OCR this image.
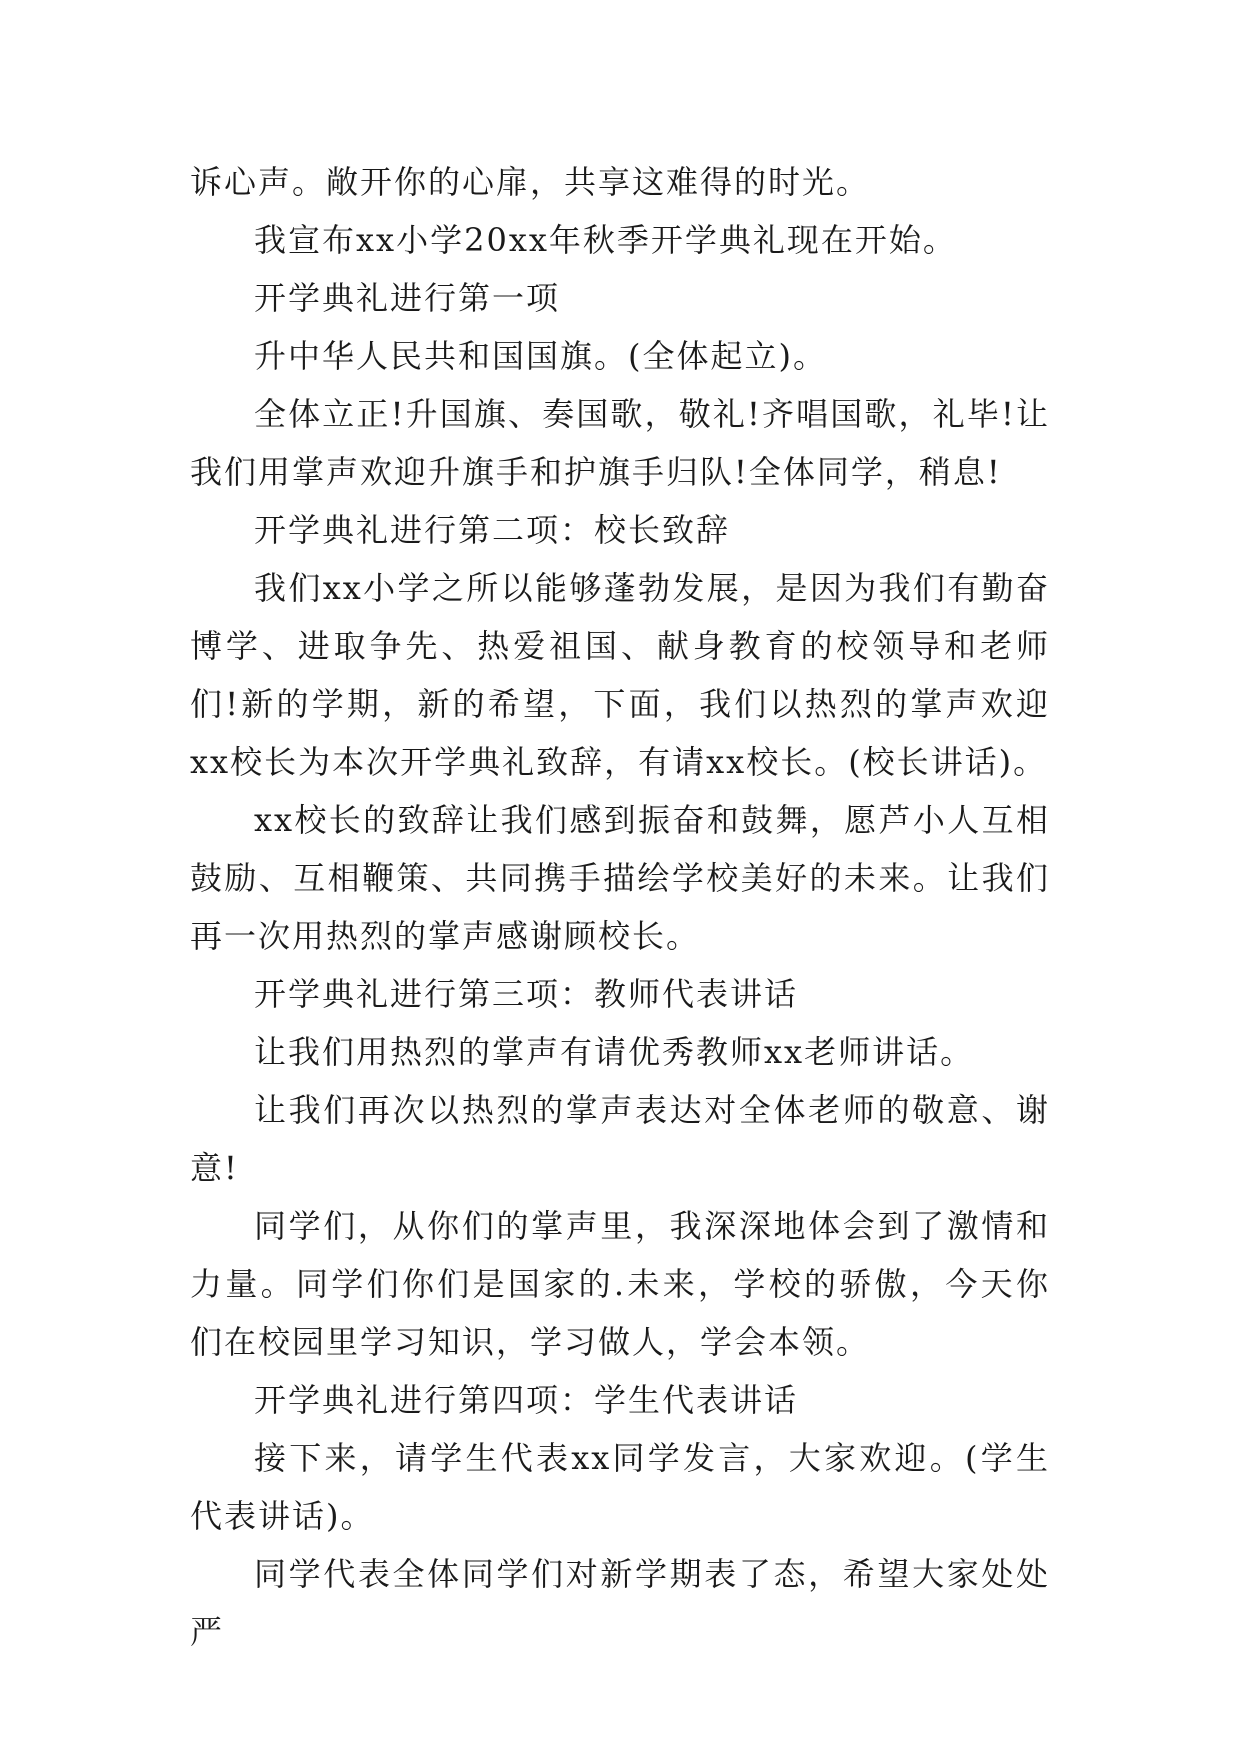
诉心声。敞开你的心扉，共享这难得的时光。

我宣布xx小学20xx年秋季开学典礼现在开始。

开学典礼进行第一项

升中华人民共和国国旗。(全体起立)。

全体立正!升国旗、奏国歌，敬礼!齐唱国歌，礼毕!让我们用掌声欢迎升旗手和护旗手归队!全体同学，稍息!

开学典礼进行第二项：校长致辞

我们xx小学之所以能够蓬勃发展，是因为我们有勤奋博学、进取争先、热爱祖国、献身教育的校领导和老师们!新的学期，新的希望，下面，我们以热烈的掌声欢迎xx校长为本次开学典礼致辞，有请xx校长。(校长讲话)。

xx校长的致辞让我们感到振奋和鼓舞，愿芦小人互相鼓励、互相鞭策、共同携手描绘学校美好的未来。让我们再一次用热烈的掌声感谢顾校长。

开学典礼进行第三项：教师代表讲话

让我们用热烈的掌声有请优秀教师xx老师讲话。

让我们再次以热烈的掌声表达对全体老师的敬意、谢意!

同学们，从你们的掌声里，我深深地体会到了激情和力量。同学们你们是国家的.未来，学校的骄傲，今天你们在校园里学习知识，学习做人，学会本领。

开学典礼进行第四项：学生代表讲话

接下来，请学生代表xx同学发言，大家欢迎。(学生代表讲话)。

同学代表全体同学们对新学期表了态，希望大家处处严
